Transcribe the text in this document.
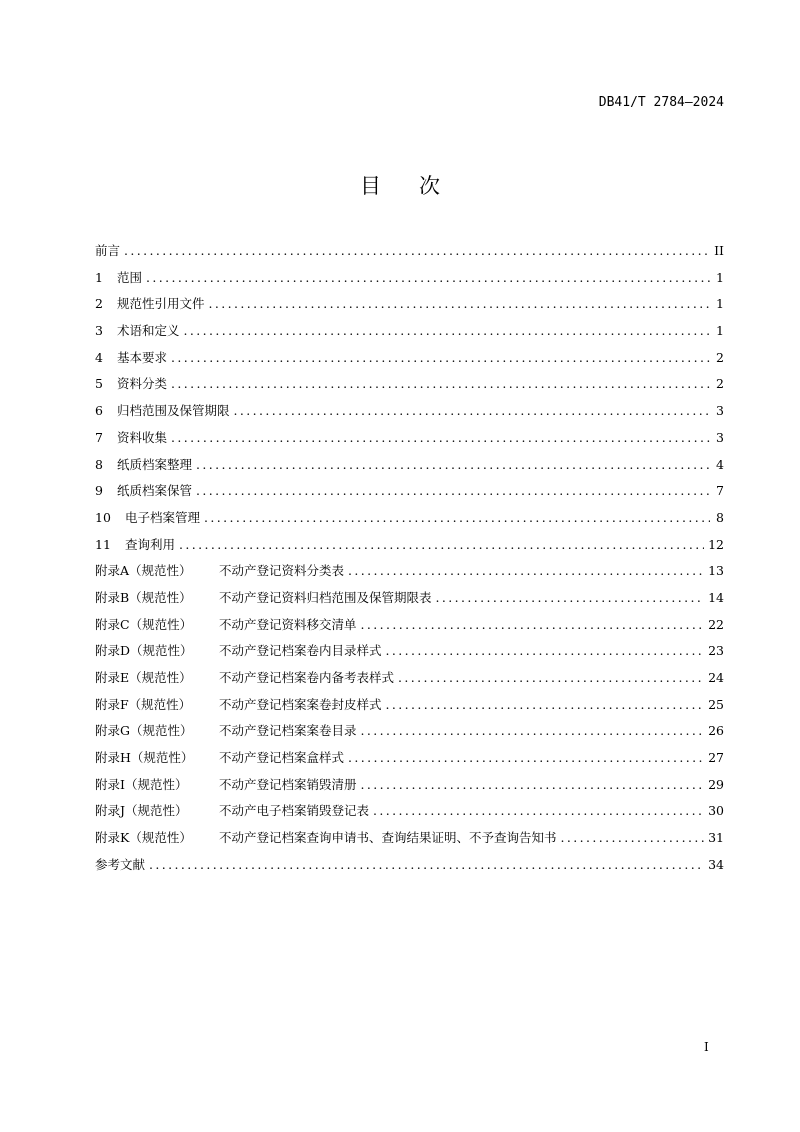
DB41/T 2784—2024
目次
前言 .....	II
1	范围 .....	1
2	规范性引用文件 .....	1
3	术语和定义 .....	1
4	基本要求 .....	2
5	资料分类 .....	2
6	归档范围及保管期限 .....	3
7	资料收集 .....	3
8	纸质档案整理 .....	4
9	纸质档案保管 .....	7
10	电子档案管理 .....	8
11	查询利用 .....	12
附录A（规范性）	不动产登记资料分类表 .....	13
附录B（规范性）	不动产登记资料归档范围及保管期限表 .....	14
附录C（规范性）	不动产登记资料移交清单 .....	22
附录D（规范性）	不动产登记档案卷内目录样式 .....	23
附录E（规范性）	不动产登记档案卷内备考表样式 .....	24
附录F（规范性）	不动产登记档案案卷封皮样式 .....	25
附录G（规范性）	不动产登记档案案卷目录 .....	26
附录H（规范性）	不动产登记档案盒样式 .....	27
附录I（规范性）	不动产登记档案销毁清册 .....	29
附录J（规范性）	不动产电子档案销毁登记表 .....	30
附录K（规范性）	不动产登记档案查询申请书、查询结果证明、不予查询告知书 .....	31
参考文献 .....	34
I
